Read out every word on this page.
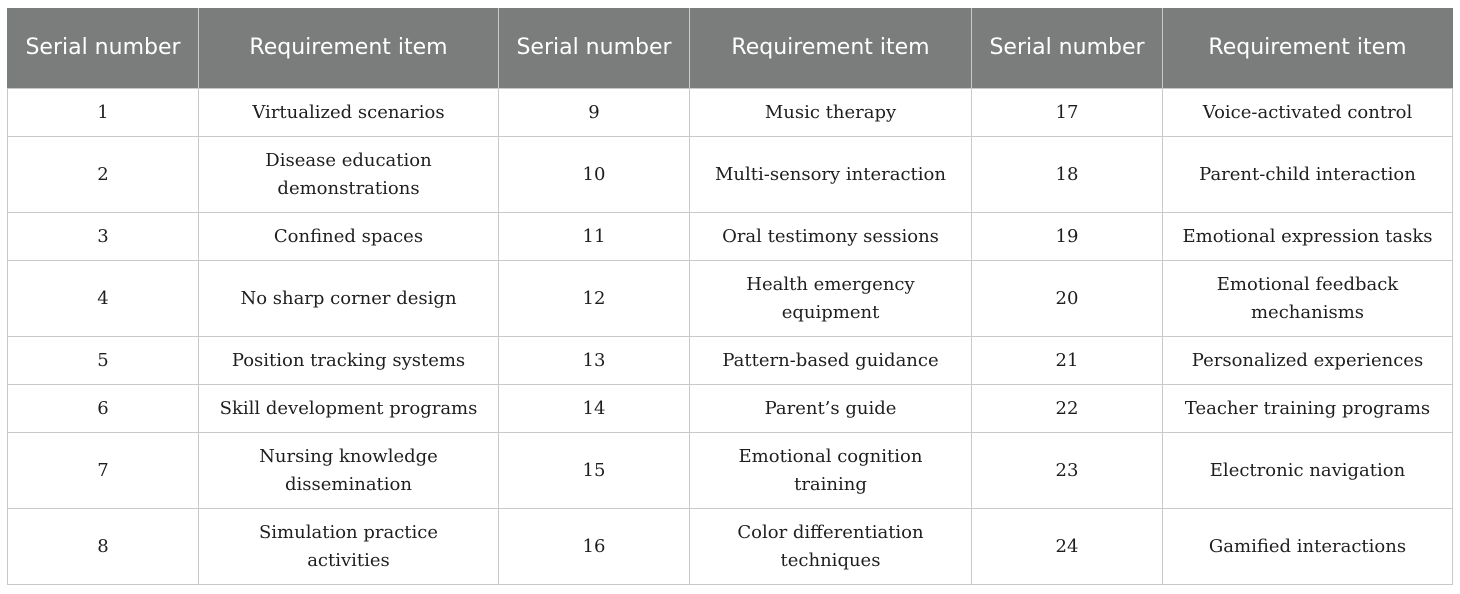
Serial number	Requirement item	Serial number	Requirement item	Serial number	Requirement item
1	Virtualized scenarios	9	Music therapy	17	Voice-activated control
2	Disease education demonstrations	10	Multi-sensory interaction	18	Parent-child interaction
3	Confined spaces	11	Oral testimony sessions	19	Emotional expression tasks
4	No sharp corner design	12	Health emergency equipment	20	Emotional feedback mechanisms
5	Position tracking systems	13	Pattern-based guidance	21	Personalized experiences
6	Skill development programs	14	Parent’s guide	22	Teacher training programs
7	Nursing knowledge dissemination	15	Emotional cognition training	23	Electronic navigation
8	Simulation practice activities	16	Color differentiation techniques	24	Gamified interactions
